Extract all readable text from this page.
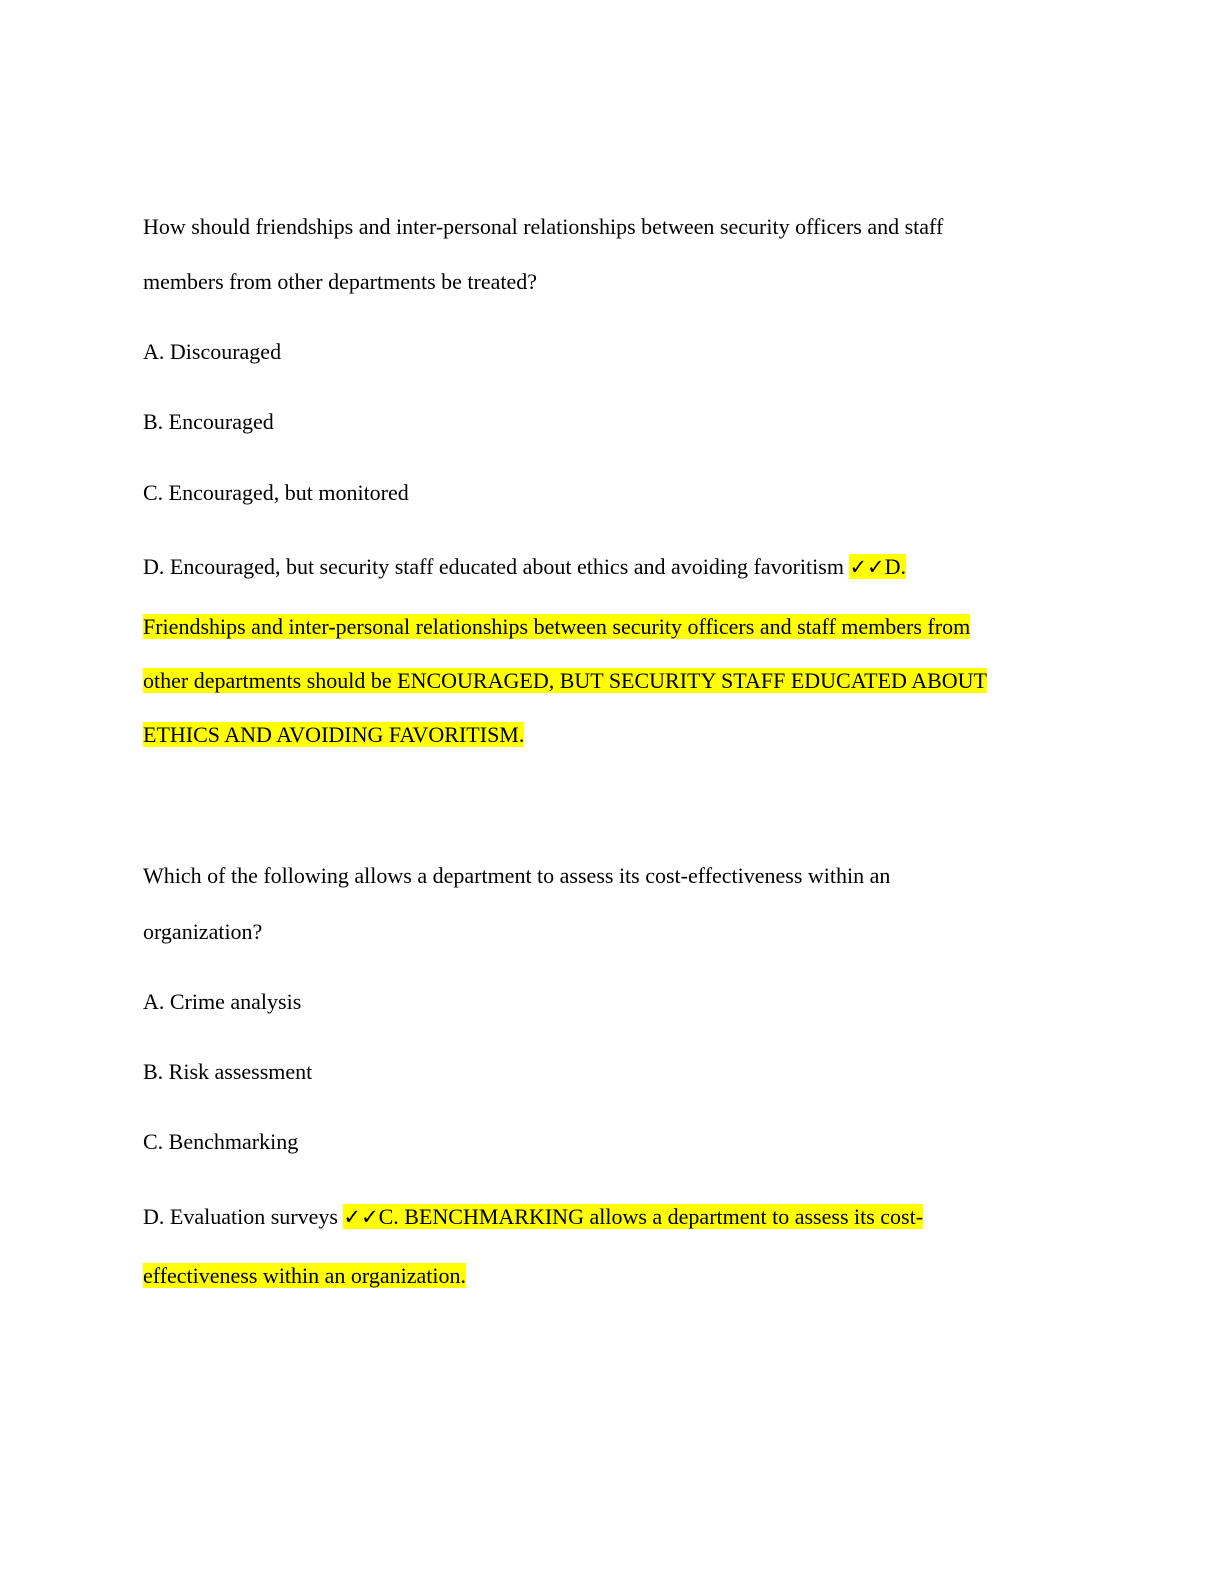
How should friendships and inter-personal relationships between security officers and staff
members from other departments be treated?
A. Discouraged
B. Encouraged
C. Encouraged, but monitored
D. Encouraged, but security staff educated about ethics and avoiding favoritism ✓✓D.
Friendships and inter-personal relationships between security officers and staff members from
other departments should be ENCOURAGED, BUT SECURITY STAFF EDUCATED ABOUT
ETHICS AND AVOIDING FAVORITISM.
Which of the following allows a department to assess its cost-effectiveness within an
organization?
A. Crime analysis
B. Risk assessment
C. Benchmarking
D. Evaluation surveys ✓✓C. BENCHMARKING allows a department to assess its cost-
effectiveness within an organization.
